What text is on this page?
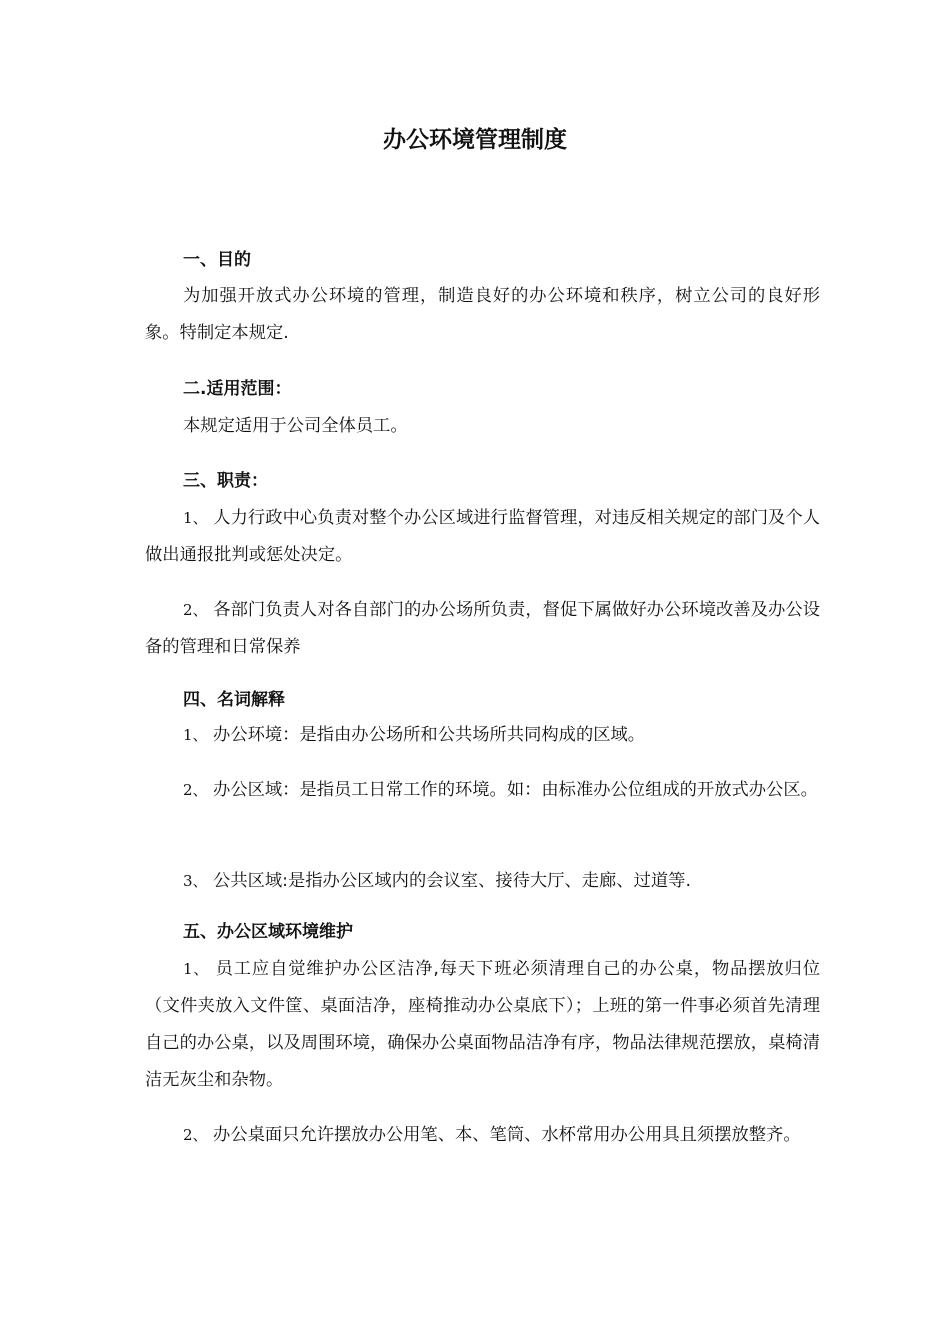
办公环境管理制度
一、目的
为加强开放式办公环境的管理，制造良好的办公环境和秩序，树立公司的良好形象。特制定本规定.
二.适用范围：
本规定适用于公司全体员工。
三、职责：
1、 人力行政中心负责对整个办公区域进行监督管理，对违反相关规定的部门及个人做出通报批判或惩处决定。
2、 各部门负责人对各自部门的办公场所负责，督促下属做好办公环境改善及办公设备的管理和日常保养
四、名词解释
1、 办公环境：是指由办公场所和公共场所共同构成的区域。
2、 办公区域：是指员工日常工作的环境。如：由标准办公位组成的开放式办公区。
3、 公共区域:是指办公区域内的会议室、接待大厅、走廊、过道等.
五、办公区域环境维护
1、 员工应自觉维护办公区洁净,每天下班必须清理自己的办公桌，物品摆放归位（文件夹放入文件筐、桌面洁净，座椅推动办公桌底下）；上班的第一件事必须首先清理自己的办公桌，以及周围环境，确保办公桌面物品洁净有序，物品法律规范摆放，桌椅清洁无灰尘和杂物。
2、 办公桌面只允许摆放办公用笔、本、笔筒、水杯常用办公用具且须摆放整齐。
